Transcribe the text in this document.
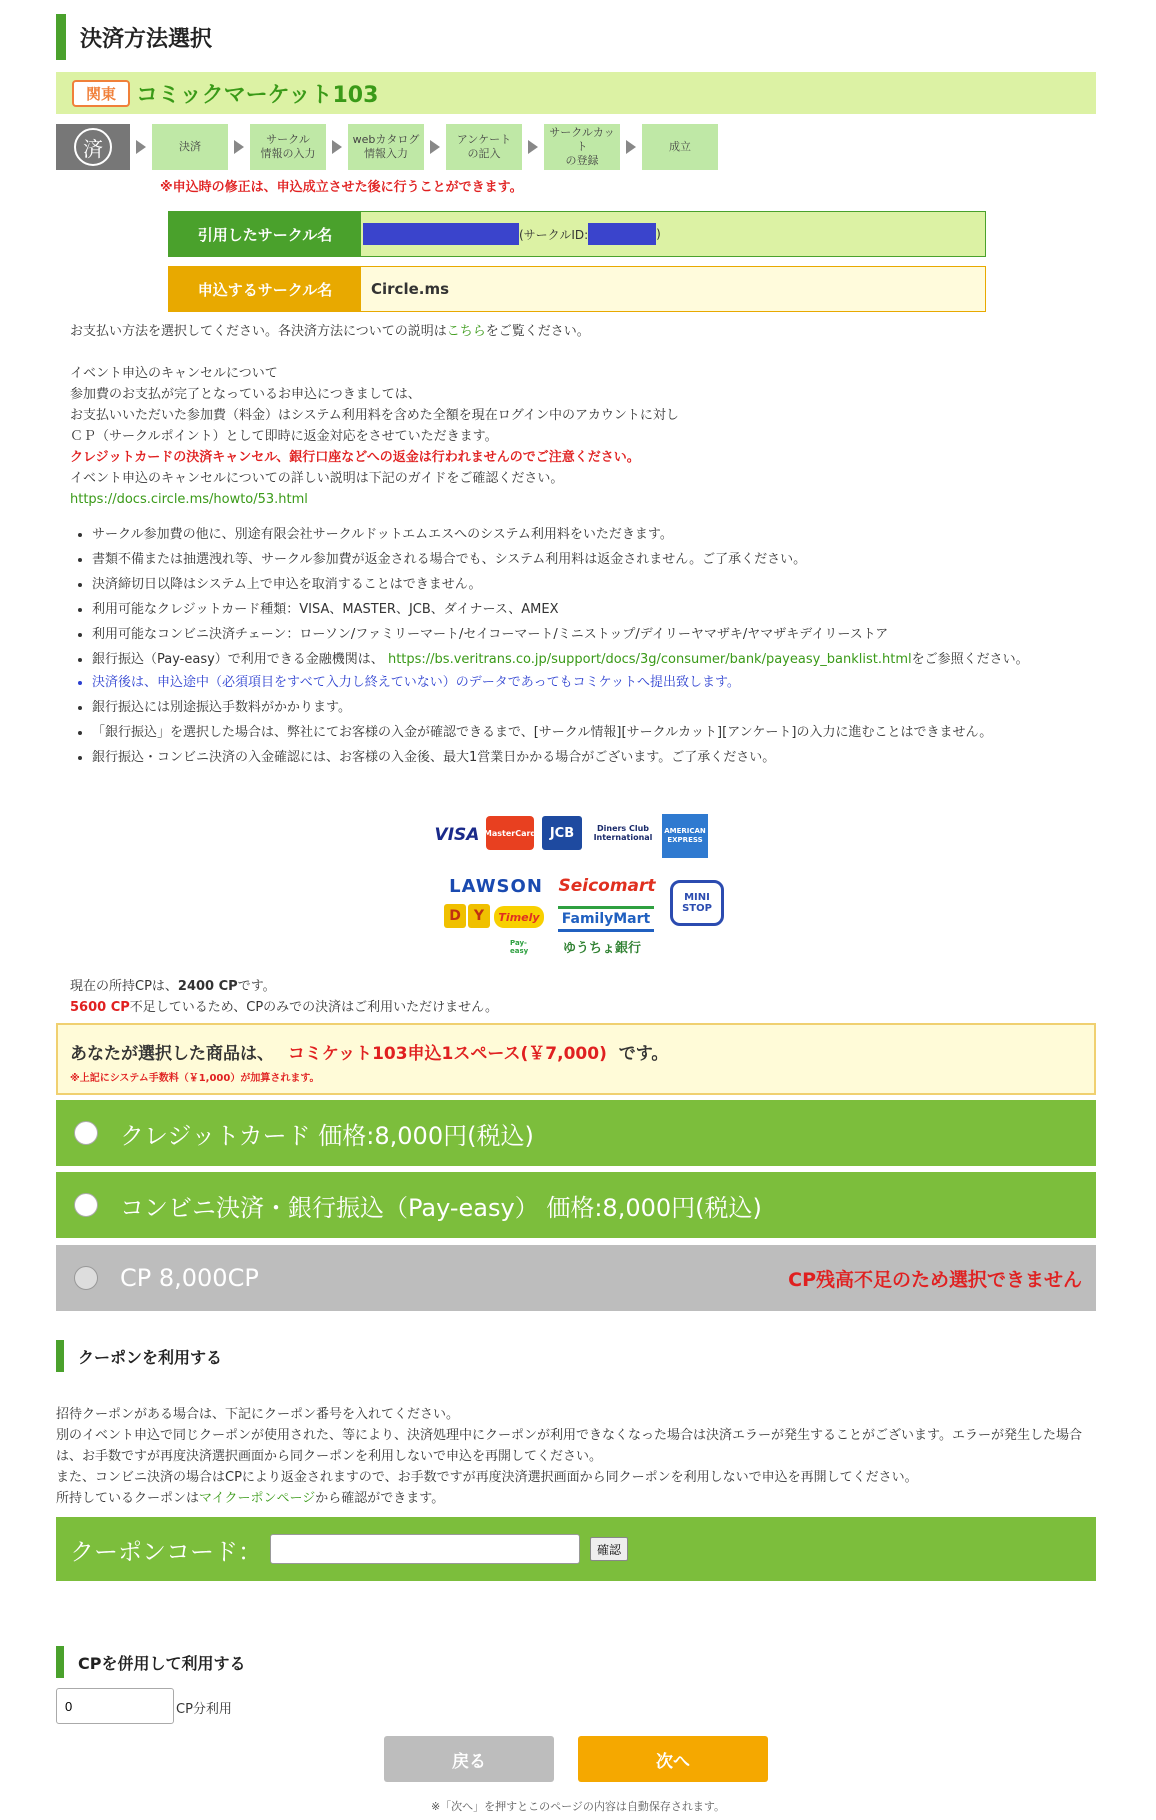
決済方法選択
関東 コミックマーケット103
済	決済
サークル
情報の入力
webカタログ
情報入力
アンケート
の記入
サークルカット
の登録
成立
※申込時の修正は、申込成立させた後に行うことができます。
引用したサークル名	(サークルID:	)
申込するサークル名	Circle.ms
お支払い方法を選択してください。各決済方法についての説明はこちらをご覧ください。
イベント申込のキャンセルについて
参加費のお支払が完了となっているお申込につきましては、
お支払いいただいた参加費（料金）はシステム利用料を含めた全額を現在ログイン中のアカウントに対し
ＣＰ（サークルポイント）として即時に返金対応をさせていただきます。
クレジットカードの決済キャンセル、銀行口座などへの返金は行われませんのでご注意ください。
イベント申込のキャンセルについての詳しい説明は下記のガイドをご確認ください。
https://docs.circle.ms/howto/53.html
• サークル参加費の他に、別途有限会社サークルドットエムエスへのシステム利用料をいただきます。
• 書類不備または抽選洩れ等、サークル参加費が返金される場合でも、システム利用料は返金されません。ご了承ください。
• 決済締切日以降はシステム上で申込を取消することはできません。
• 利用可能なクレジットカード種類：VISA、MASTER、JCB、ダイナース、AMEX
• 利用可能なコンビニ決済チェーン：ローソン/ファミリーマート/セイコーマート/ミニストップ/デイリーヤマザキ/ヤマザキデイリーストア
• 銀行振込（Pay-easy）で利用できる金融機関は、 https://bs.veritrans.co.jp/support/docs/3g/consumer/bank/payeasy_banklist.htmlをご参照ください。
• 決済後は、申込途中（必須項目をすべて入力し終えていない）のデータであってもコミケットへ提出致します。
• 銀行振込には別途振込手数料がかかります。
• 「銀行振込」を選択した場合は、弊社にてお客様の入金が確認できるまで、[サークル情報][サークルカット][アンケート]の入力に進むことはできません。
• 銀行振込・コンビニ決済の入金確認には、お客様の入金後、最大1営業日かかる場合がございます。ご了承ください。
VISA MasterCard	JCB	Diners Club International
AMERICAN EXPRESS
LAWSON Seicomart
MINI STOP
D Y	Timely	FamilyMart
Pay-easy	ゆうちょ銀行
現在の所持CPは、2400 CPです。
5600 CP不足しているため、CPのみでの決済はご利用いただけません。
あなたが選択した商品は、 コミケット103申込1スペース(￥7,000) です。
※上記にシステム手数料（￥1,000）が加算されます。
クレジットカード 価格:8,000円(税込)
コンビニ決済・銀行振込（Pay-easy） 価格:8,000円(税込)
CP 8,000CP	CP残高不足のため選択できません
クーポンを利用する
招待クーポンがある場合は、下記にクーポン番号を入れてください。
別のイベント申込で同じクーポンが使用された、等により、決済処理中にクーポンが利用できなくなった場合は決済エラーが発生することがございます。エラーが発生した場合は、お手数ですが再度決済選択画面から同クーポンを利用しないで申込を再開してください。
また、コンビニ決済の場合はCPにより返金されますので、お手数ですが再度決済選択画面から同クーポンを利用しないで申込を再開してください。
所持しているクーポンはマイクーポンページから確認ができます。
クーポンコード：	確認
CPを併用して利用する
0
CP分利用
戻る	次へ
※「次へ」を押すとこのページの内容は自動保存されます。
